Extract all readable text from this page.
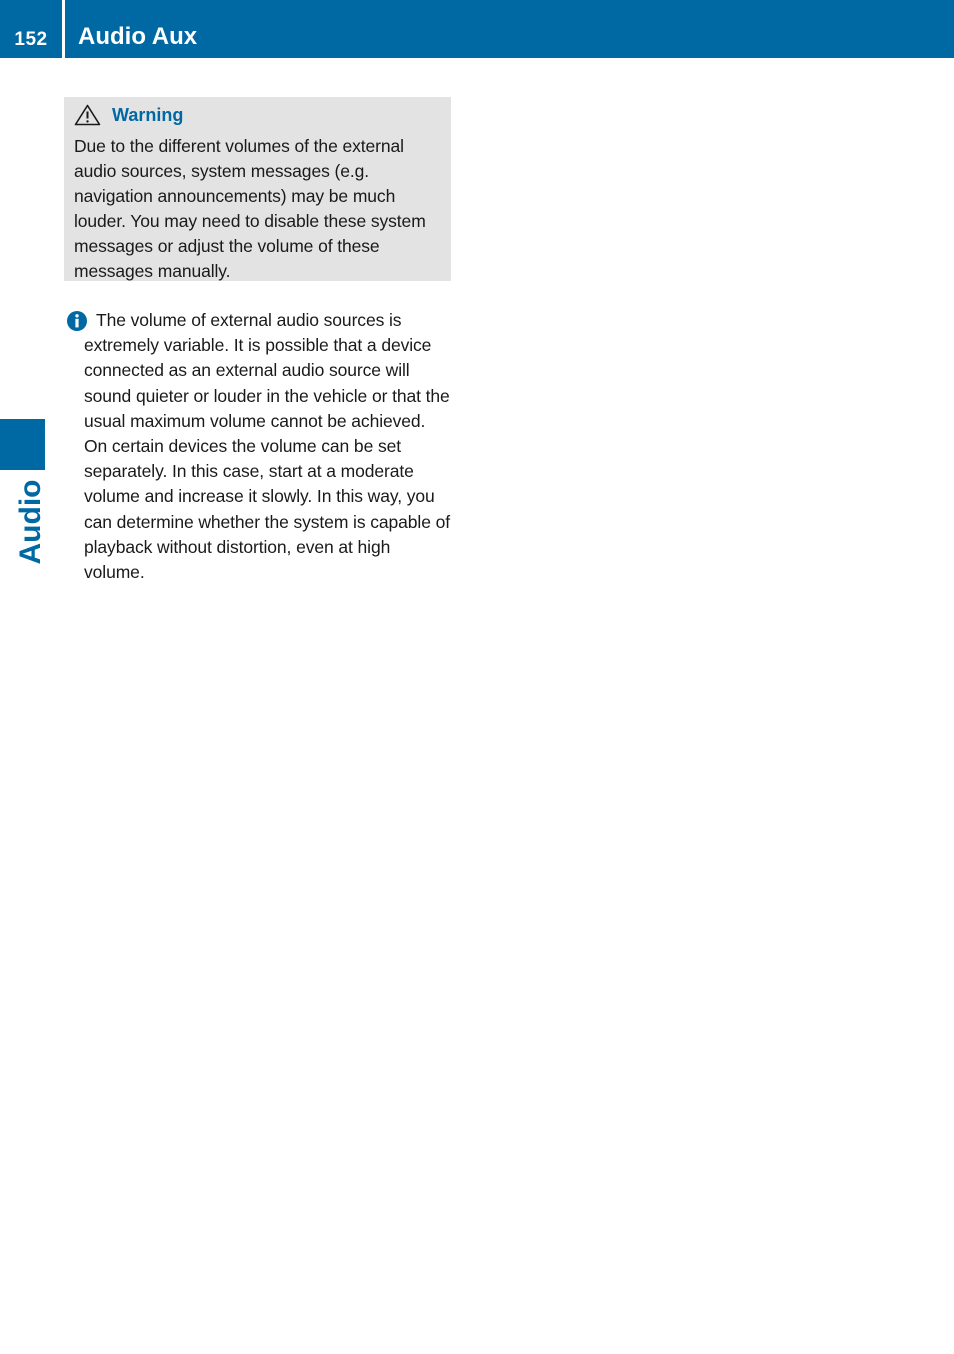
152	Audio Aux
Audio
Warning

Due to the different volumes of the external audio sources, system messages (e.g. navigation announcements) may be much louder. You may need to disable these system messages or adjust the volume of these messages manually.

The volume of external audio sources is extremely variable. It is possible that a device connected as an external audio source will sound quieter or louder in the vehicle or that the usual maximum volume cannot be achieved. On certain devices the volume can be set separately. In this case, start at a moderate volume and increase it slowly. In this way, you can determine whether the system is capable of playback without distortion, even at high volume.
